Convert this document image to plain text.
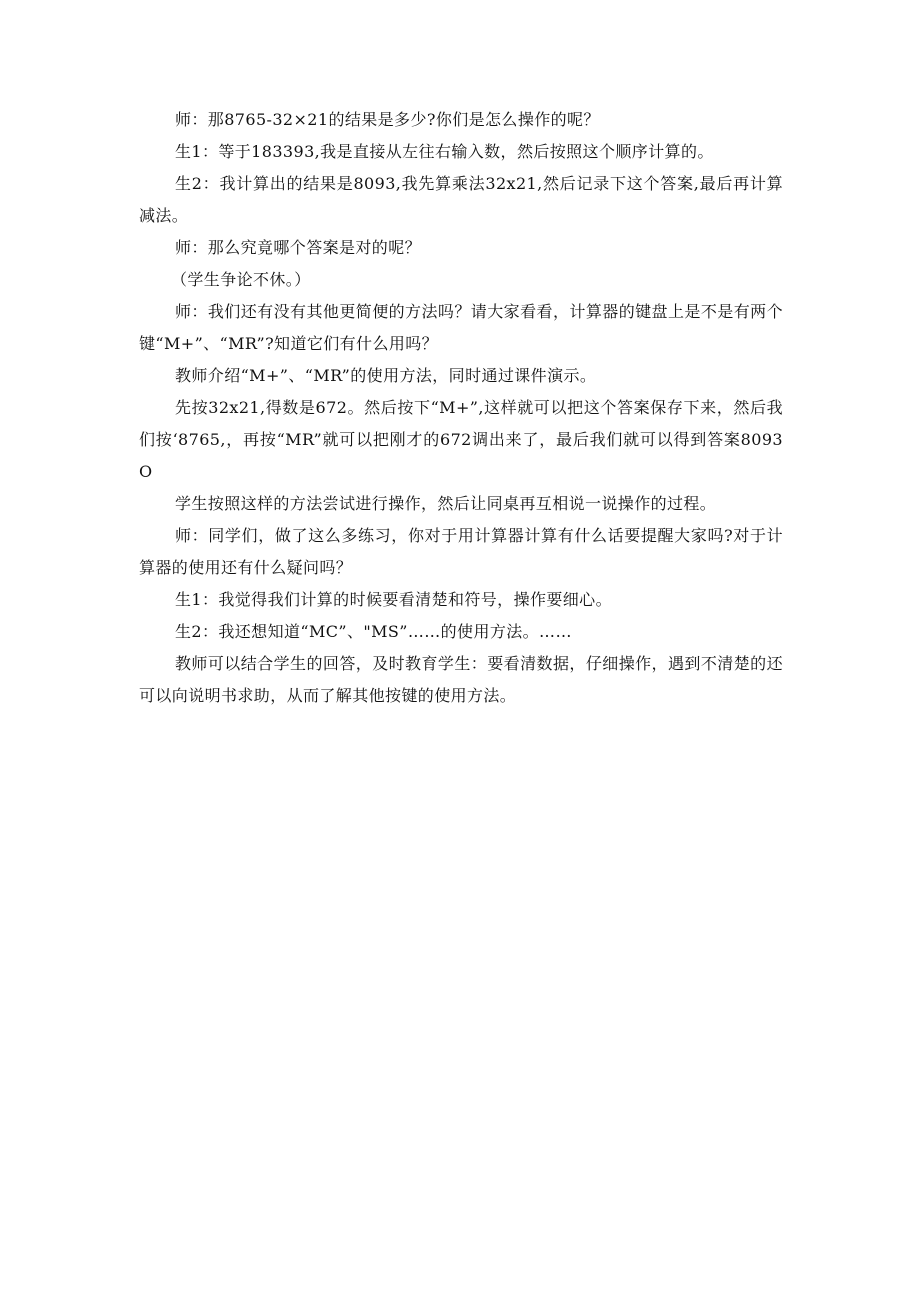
师：那8765-32×21的结果是多少?你们是怎么操作的呢？

生1：等于183393,我是直接从左往右输入数，然后按照这个顺序计算的。

生2：我计算出的结果是8093,我先算乘法32x21,然后记录下这个答案,最后再计算减法。

师：那么究竟哪个答案是对的呢？

（学生争论不休。）

师：我们还有没有其他更简便的方法吗？请大家看看，计算器的键盘上是不是有两个键“M+”、“MR”?知道它们有什么用吗？

教师介绍“M+”、“MR”的使用方法，同时通过课件演示。

先按32x21,得数是672。然后按下“M+”,这样就可以把这个答案保存下来，然后我们按‘8765,，再按“MR”就可以把刚才的672调出来了，最后我们就可以得到答案8093O

学生按照这样的方法尝试进行操作，然后让同桌再互相说一说操作的过程。

师：同学们，做了这么多练习，你对于用计算器计算有什么话要提醒大家吗?对于计算器的使用还有什么疑问吗？

生1：我觉得我们计算的时候要看清楚和符号，操作要细心。

生2：我还想知道“MC”、"MS”……的使用方法。……

教师可以结合学生的回答，及时教育学生：要看清数据，仔细操作，遇到不清楚的还可以向说明书求助，从而了解其他按键的使用方法。
